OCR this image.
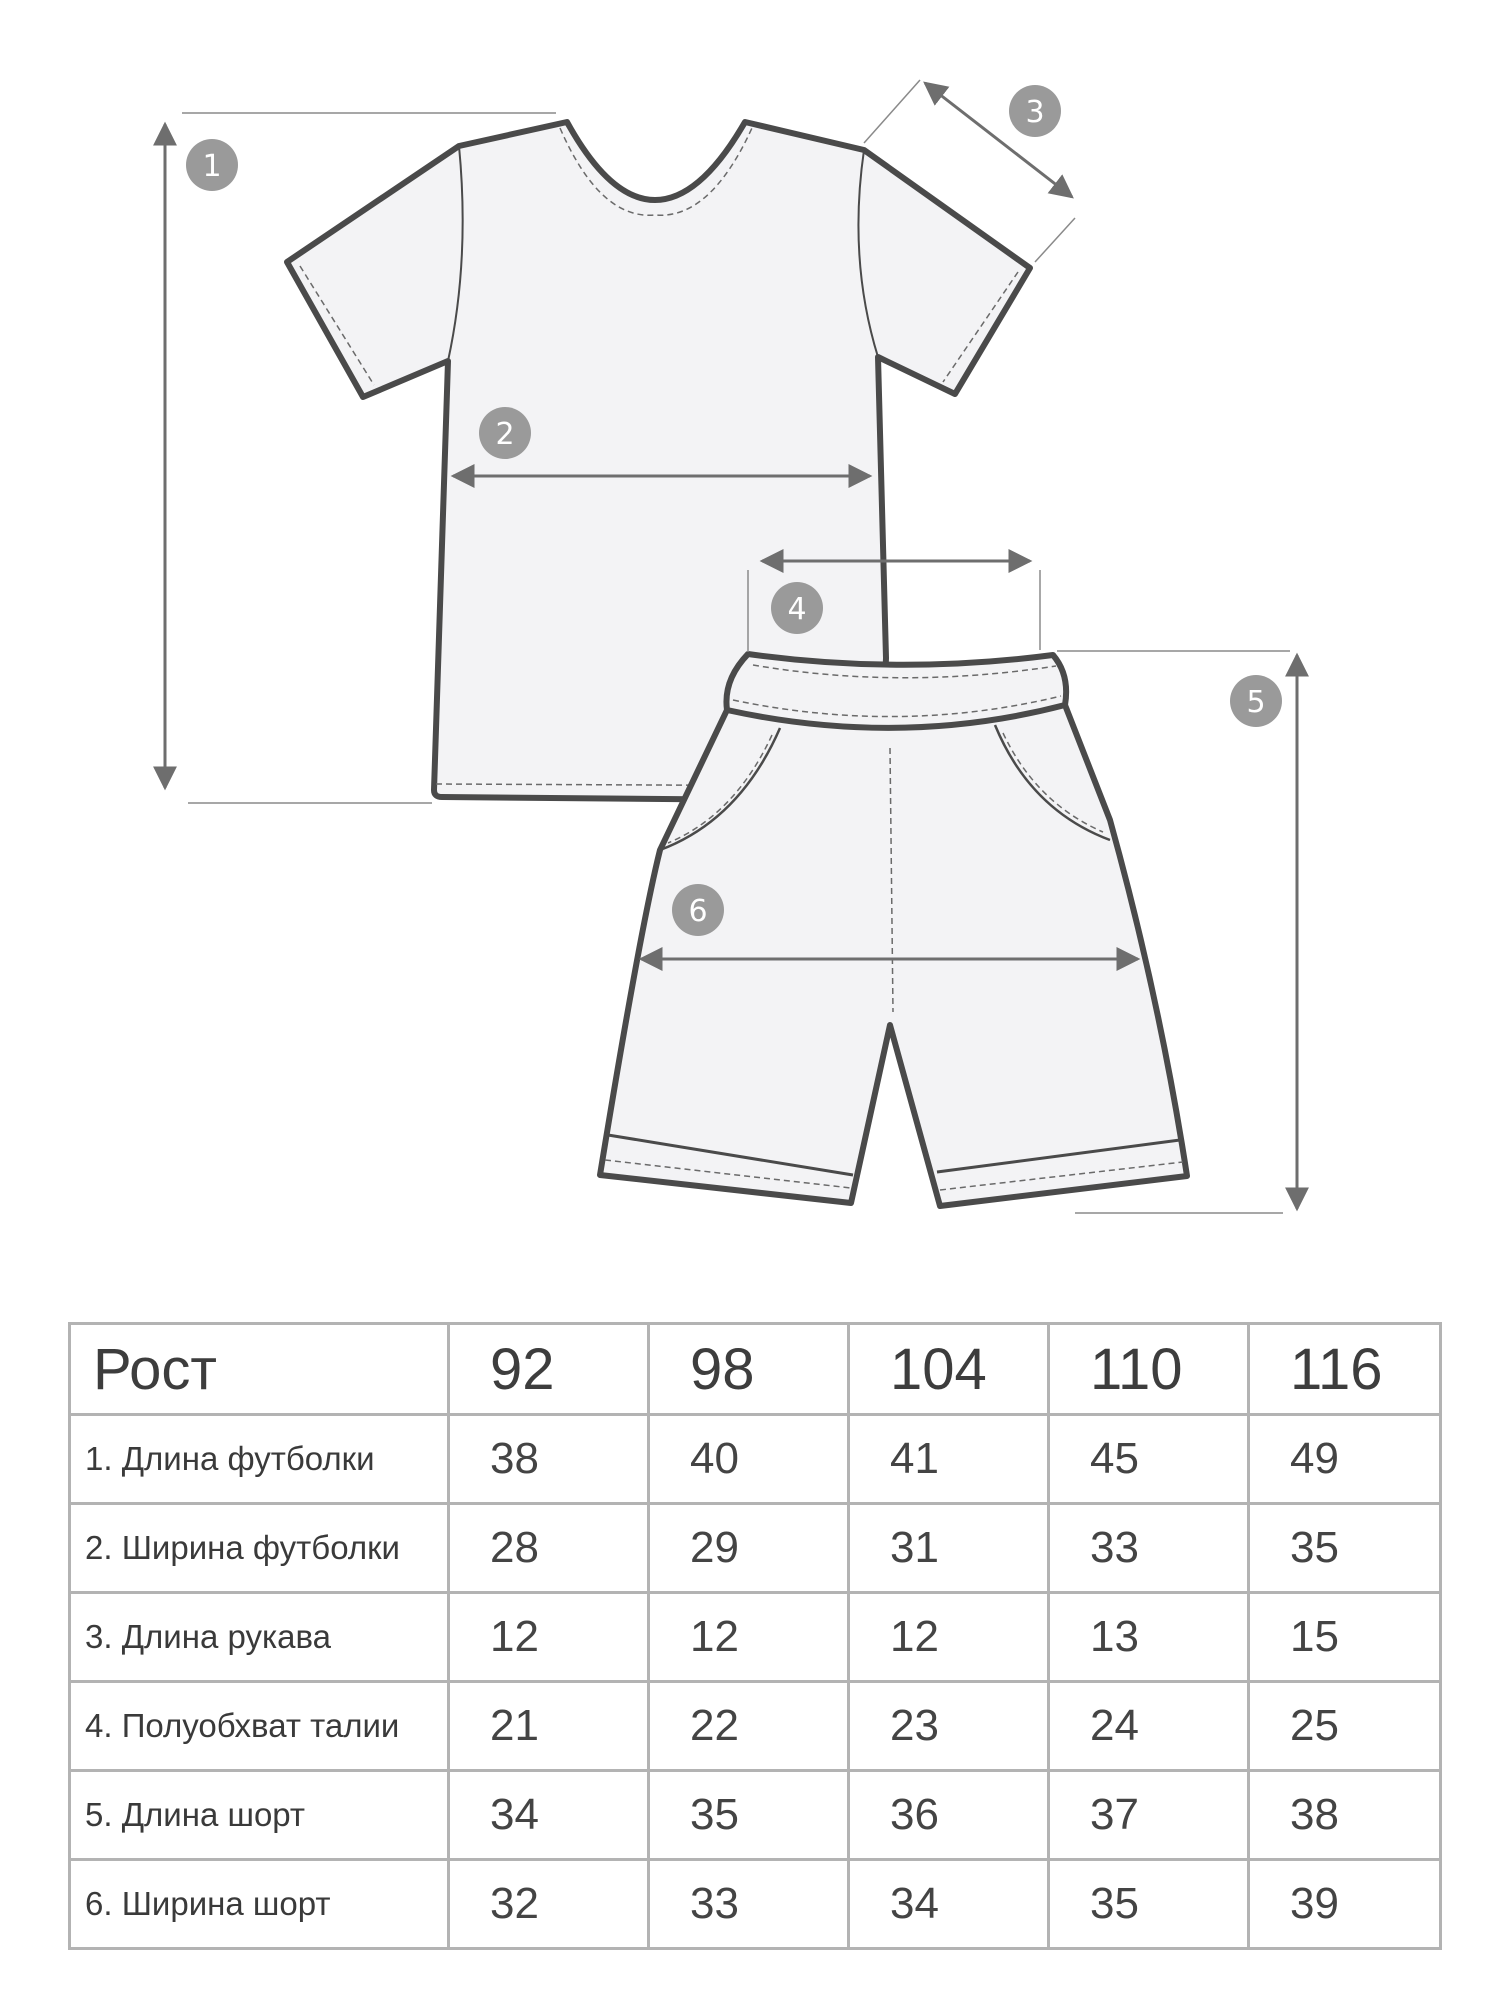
1
2
3
4
5
6
Рост	92	98	104	110	116
1. Длина футболки	38	40	41	45	49
2. Ширина футболки	28	29	31	33	35
3. Длина рукава	12	12	12	13	15
4. Полуобхват талии	21	22	23	24	25
5. Длина шорт	34	35	36	37	38
6. Ширина шорт	32	33	34	35	39
